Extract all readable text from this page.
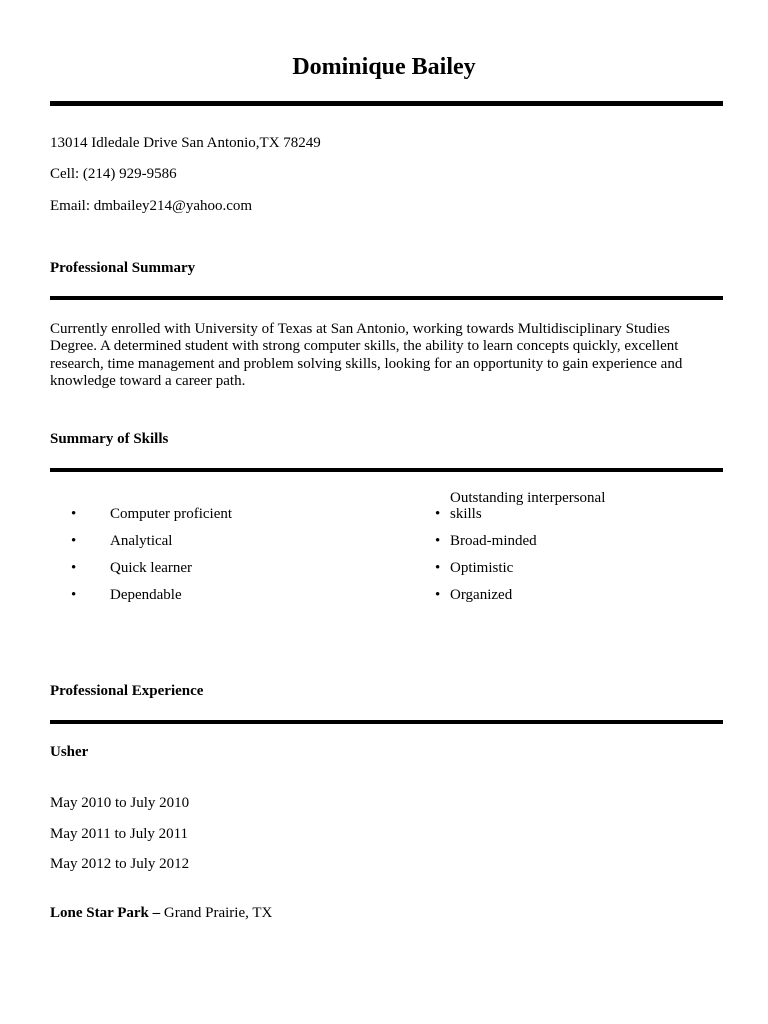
Dominique Bailey
13014 Idledale Drive San Antonio,TX 78249
Cell: (214) 929-9586
Email: dmbailey214@yahoo.com
Professional Summary
Currently enrolled with University of Texas at San Antonio, working towards Multidisciplinary Studies Degree. A determined student with strong computer skills, the ability to learn concepts quickly, excellent research, time management and problem solving skills, looking for an opportunity to gain experience and knowledge toward a career path.
Summary of Skills
• Computer proficient
• Analytical
• Quick learner
• Dependable
•
Outstanding interpersonal skills
• Broad-minded
• Optimistic
• Organized
Professional Experience
Usher
May 2010 to July 2010
May 2011 to July 2011
May 2012 to July 2012
Lone Star Park – Grand Prairie, TX
